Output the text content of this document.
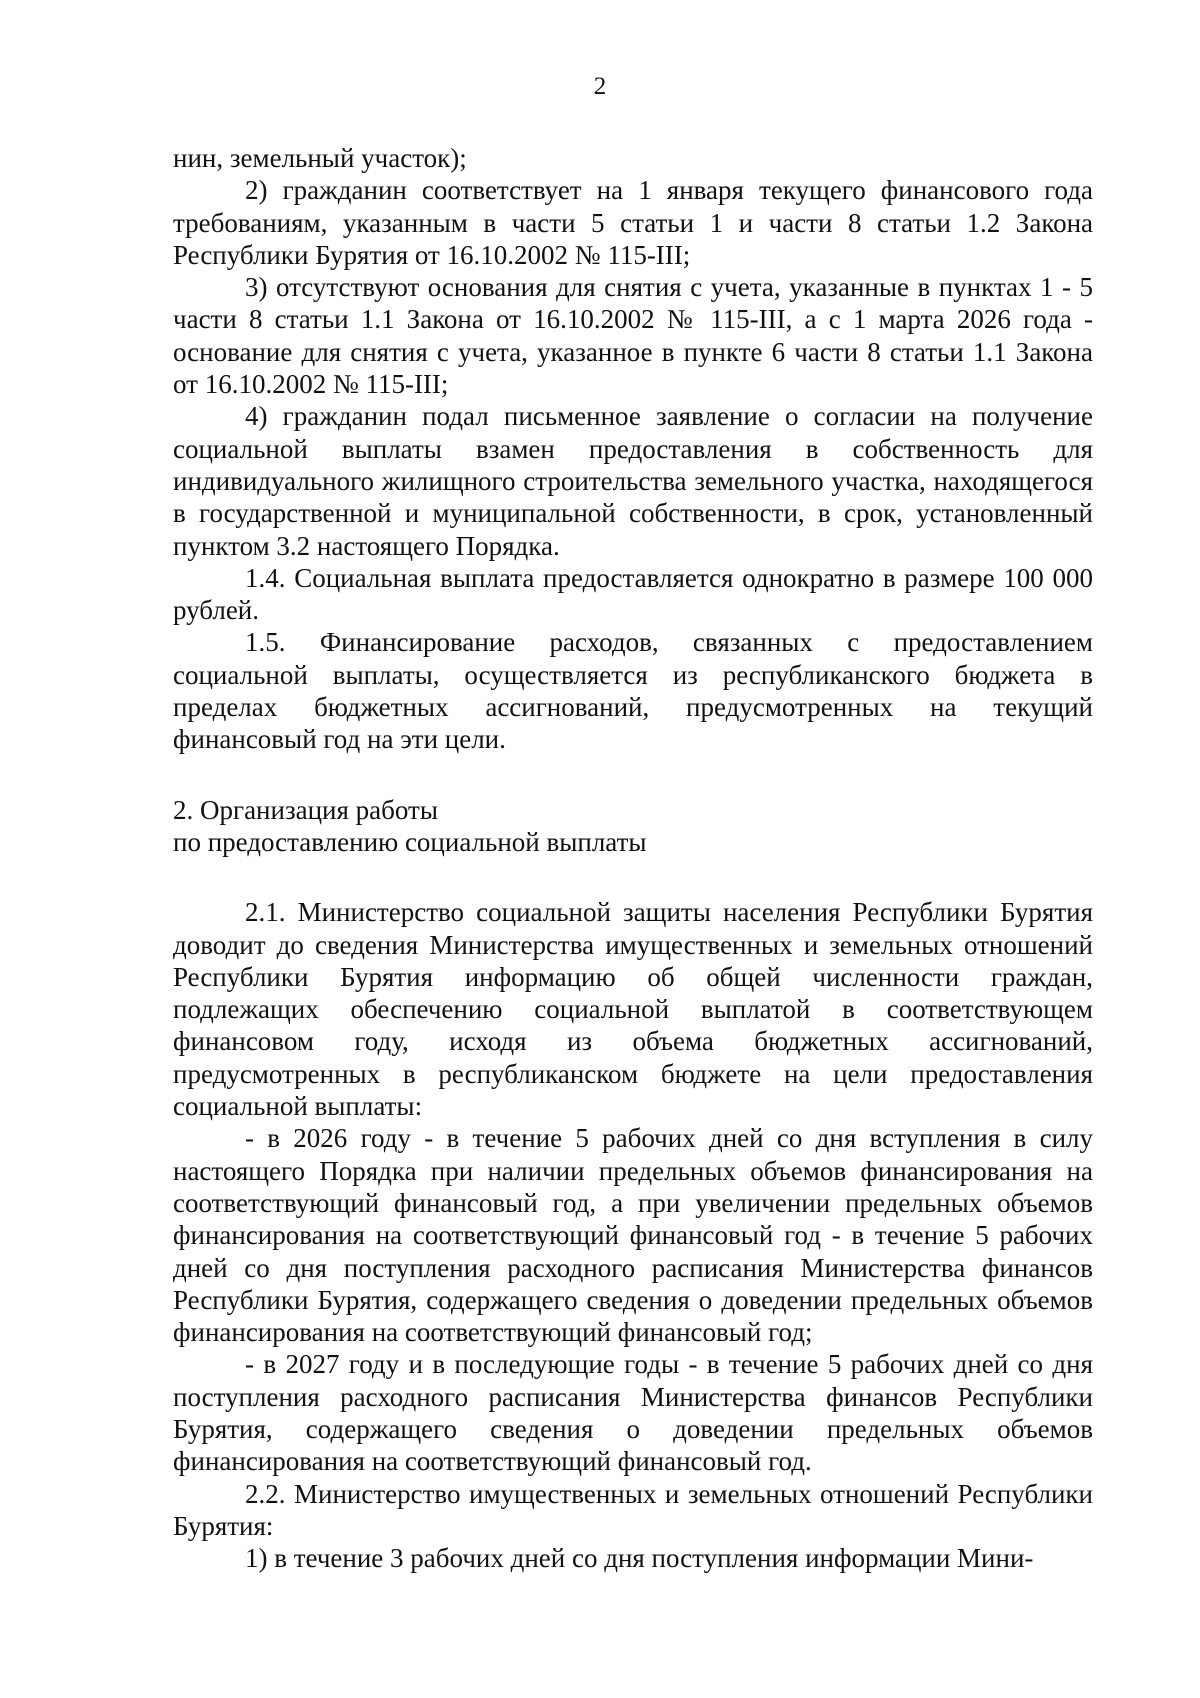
2

нин, земельный участок);

2) гражданин соответствует на 1 января текущего финансового года требованиям, указанным в части 5 статьи 1 и части 8 статьи 1.2 Закона Республики Бурятия от 16.10.2002 № 115-III;

3) отсутствуют основания для снятия с учета, указанные в пунктах 1 - 5 части 8 статьи 1.1 Закона от 16.10.2002 № 115-III, а с 1 марта 2026 года - основание для снятия с учета, указанное в пункте 6 части 8 статьи 1.1 Закона от 16.10.2002 № 115-III;

4) гражданин подал письменное заявление о согласии на получение социальной выплаты взамен предоставления в собственность для индивидуального жилищного строительства земельного участка, находящегося в государственной и муниципальной собственности, в срок, установленный пунктом 3.2 настоящего Порядка.

1.4. Социальная выплата предоставляется однократно в размере 100 000 рублей.

1.5. Финансирование расходов, связанных с предоставлением социальной выплаты, осуществляется из республиканского бюджета в пределах бюджетных ассигнований, предусмотренных на текущий финансовый год на эти цели.

2. Организация работы

по предоставлению социальной выплаты

2.1. Министерство социальной защиты населения Республики Бурятия доводит до сведения Министерства имущественных и земельных отношений Республики Бурятия информацию об общей численности граждан, подлежащих обеспечению социальной выплатой в соответствующем финансовом году, исходя из объема бюджетных ассигнований, предусмотренных в республиканском бюджете на цели предоставления социальной выплаты:

- в 2026 году - в течение 5 рабочих дней со дня вступления в силу настоящего Порядка при наличии предельных объемов финансирования на соответствующий финансовый год, а при увеличении предельных объемов финансирования на соответствующий финансовый год - в течение 5 рабочих дней со дня поступления расходного расписания Министерства финансов Республики Бурятия, содержащего сведения о доведении предельных объемов финансирования на соответствующий финансовый год;

- в 2027 году и в последующие годы - в течение 5 рабочих дней со дня поступления расходного расписания Министерства финансов Республики Бурятия, содержащего сведения о доведении предельных объемов финансирования на соответствующий финансовый год.

2.2. Министерство имущественных и земельных отношений Республики Бурятия:

1) в течение 3 рабочих дней со дня поступления информации Мини-
